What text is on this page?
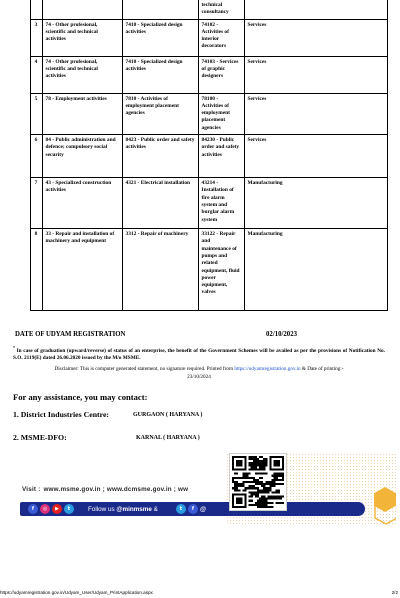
				technical consultancy	
	3	74 - Other profesional, scientific and technical activities	7410 - Specialized design activities	74102 - Activities of interior decorators	Services
	4	74 - Other profesional, scientific and technical activities	7410 - Specialized design activities	74103 - Services of graphic designers	Services
	5	78 - Employment activities	7810 - Activities of employment placement agencies	78100 - Activities of employment placement agencies	Services
	6	84 - Public administration and defence; compulsory social security	8423 - Public order and safety activities	84230 - Public order and safety activities	Services
	7	43 - Specialized construction activities	4321 - Electrical installation	43214 - Installation of fire alarm system and burglar alarm system	Manufacturing
	8	33 - Repair and installation of machinery and equipment	3312 - Repair of machinery	33122 - Repair and maintenance of pumps and related equipment, fluid power equipment, valves	Manufacturing
DATE OF UDYAM REGISTRATION	02/10/2023
* In case of graduation (upward/reverse) of status of an enterprise, the benefit of the Government Schemes will be availed as per the provisions of Notification No. S.O. 2119(E) dated 26.06.2020 issued by the M/o MSME.
Disclaimer: This is computer generated statement, no signature required. Printed from https://udyamregistration.gov.in & Date of printing:-
23/10/2024
For any assistance, you may contact:
1. District Industries Centre:	GURGAON ( HARYANA )
2. MSME-DFO:	KARNAL ( HARYANA )
Visit : www.msme.gov.in ; www.dcmsme.gov.in ; ww
f	◎	▶	t	Follow us @minmsme &	t	f @
https://udyamregistration.gov.in/Udyam_User/Udyam_PrintApplication.aspx	2/2
